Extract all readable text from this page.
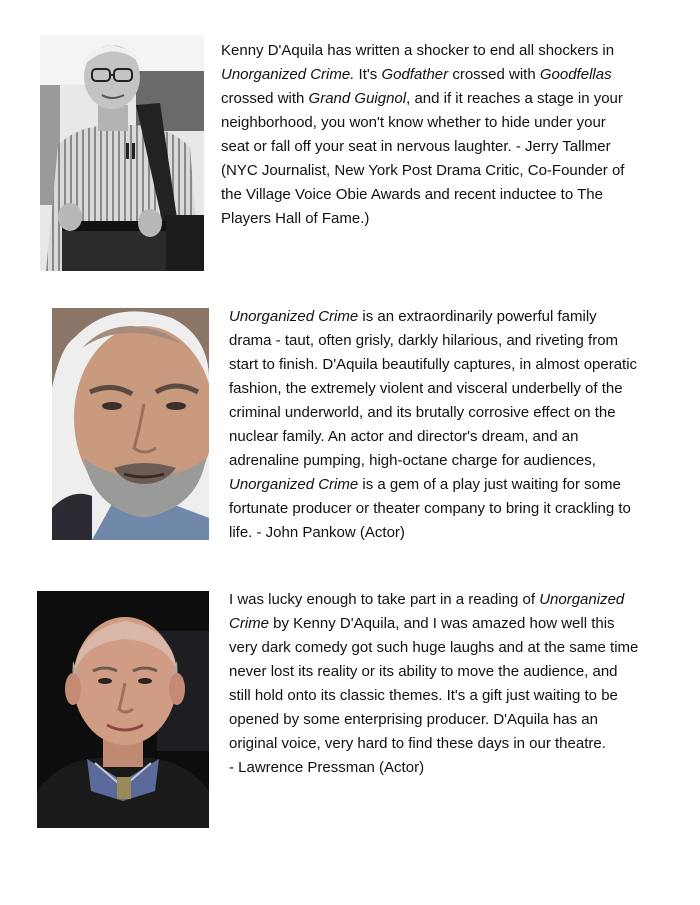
Kenny D'Aquila has written a shocker to end all shockers in Unorganized Crime. It's Godfather crossed with Goodfellas crossed with Grand Guignol, and if it reaches a stage in your neighborhood, you won't know whether to hide under your seat or fall off your seat in nervous laughter. - Jerry Tallmer (NYC Journalist, New York Post Drama Critic, Co-Founder of the Village Voice Obie Awards and recent inductee to The Players Hall of Fame.)

Unorganized Crime is an extraordinarily powerful family drama - taut, often grisly, darkly hilarious, and riveting from start to finish. D'Aquila beautifully captures, in almost operatic fashion, the extremely violent and visceral underbelly of the criminal underworld, and its brutally corrosive effect on the nuclear family. An actor and director's dream, and an adrenaline pumping, high-octane charge for audiences, Unorganized Crime is a gem of a play just waiting for some fortunate producer or theater company to bring it crackling to life. - John Pankow (Actor)

I was lucky enough to take part in a reading of Unorganized Crime by Kenny D'Aquila, and I was amazed how well this very dark comedy got such huge laughs and at the same time never lost its reality or its ability to move the audience, and still hold onto its classic themes. It's a gift just waiting to be opened by some enterprising producer. D'Aquila has an original voice, very hard to find these days in our theatre.
- Lawrence Pressman (Actor)
